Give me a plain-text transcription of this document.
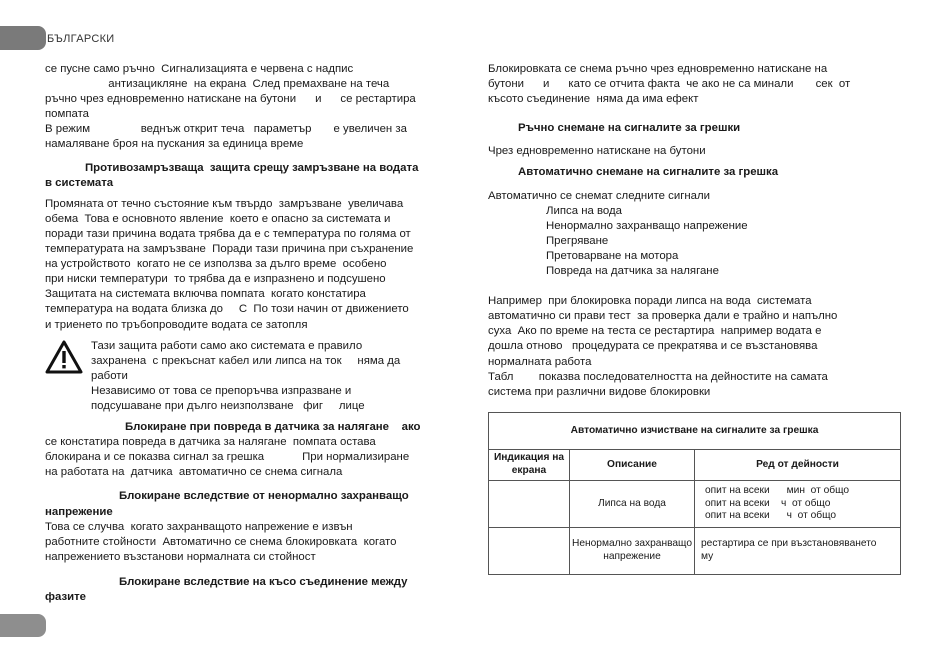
БЪЛГАРСКИ

се пусне само ръчно  Сигнализацията е червена с надпис

антизациклянe  на екрана  След премахване на теча

ръчно чрез едновременно натискане на бутони      и      се рестартира

помпата

В режим                веднъж открит теча   параметър       е увеличен за

намаляване броя на пускания за единица време

Противозамръзваща  защита срещу замръзване на водата

в системата

Промяната от течно състояние към твърдо  замръзване  увеличава

обема  Това е основното явление  което е опасно за системата и

поради тази причина водата трябва да е с температура по голяма от

температурата на замръзване  Поради тази причина при съхранение

на устройството  когато не се използва за дълго време  особено

при ниски температури  то трябва да е изпразнено и подсушено

Защитата на системата включва помпата  когато констатира

температура на водата близка до     С  По този начин от движението

и триенето по тръбопроводите водата се затопля

Тази защита работи само ако системата е правило

захранена  с прекъснат кабел или липса на ток     няма да

работи

Независимо от това се препоръчва изпразване и

подсушаване при дълго неизползване   фиг     лице

Блокиране при повреда в датчика за налягане    ако

се констатира повреда в датчика за налягане  помпата остава

блокирана и се показва сигнал за грешка            При нормализиране

на работата на  датчика  автоматично се снема сигнала

Блокиране вследствие от ненормално захранващо

напрежение

Това се случва  когато захранващото напрежение е извън

работните стойности  Автоматично се снема блокировката  когато

напрежението възстанови нормалната си стойност

Блокиране вследствие на късо съединение между

фазите

Блокировката се снема ръчно чрез едновременно натискане на

бутони      и      като се отчита факта  че ако не са минали       сек  от

късото съединение  няма да има ефект

Ръчно снемане на сигналите за грешки

Чрез едновременно натискане на бутони

Автоматично снемане на сигналите за грешка

Автоматично се снемат следните сигнали

Липса на вода

Ненормално захранващо напрежение

Прегряване

Претоварване на мотора

Повреда на датчика за налягане

Например  при блокировка поради липса на вода  системата

автоматично си прави тест  за проверка дали е трайно и напълно

суха  Ако по време на теста се рестартира  например водата е

дошла отново   процедурата се прекратява и се възстановява

нормалната работа

Табл        показва последователността на дейностите на самата

система при различни видове блокировки

Автоматично изчистване на сигналите за грешка		
Индикация на екрана	Описание	Ред от дейности
	Липса на вода	опит на всеки      мин  от общо

опит на всеки    ч  от общо

опит на всеки      ч  от общо

	Ненормално захранващо напрежение	рестартира се при възстановяването

му
